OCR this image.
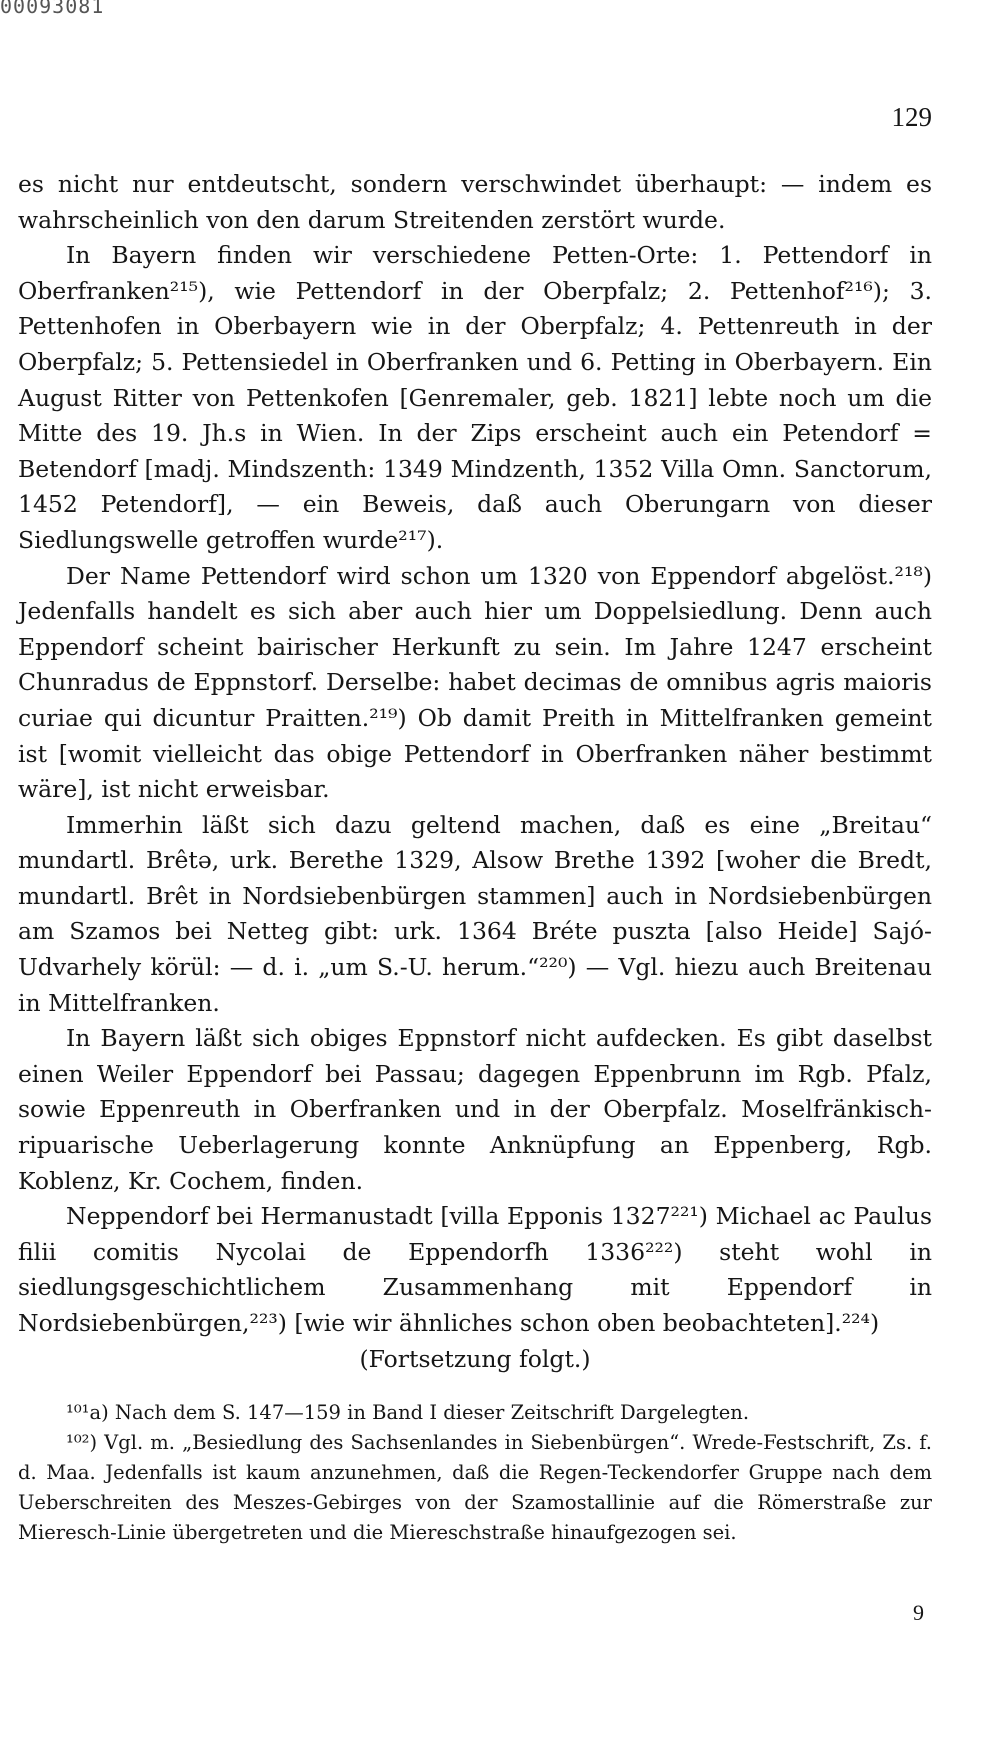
00093081
129

es nicht nur entdeutscht, sondern verschwindet überhaupt: — indem es wahrscheinlich von den darum Streitenden zerstört wurde.

In Bayern finden wir verschiedene Petten-Orte: 1. Pettendorf in Oberfranken²¹⁵), wie Pettendorf in der Oberpfalz; 2. Pettenhof²¹⁶); 3. Pettenhofen in Oberbayern wie in der Oberpfalz; 4. Pettenreuth in der Oberpfalz; 5. Pettensiedel in Oberfranken und 6. Petting in Oberbayern. Ein August Ritter von Pettenkofen [Genremaler, geb. 1821] lebte noch um die Mitte des 19. Jh.s in Wien. In der Zips erscheint auch ein Petendorf = Betendorf [madj. Mindszenth: 1349 Mindzenth, 1352 Villa Omn. Sanctorum, 1452 Petendorf], — ein Beweis, daß auch Oberungarn von dieser Siedlungswelle getroffen wurde²¹⁷).

Der Name Pettendorf wird schon um 1320 von Eppendorf abgelöst.²¹⁸) Jedenfalls handelt es sich aber auch hier um Doppelsiedlung. Denn auch Eppendorf scheint bairischer Herkunft zu sein. Im Jahre 1247 erscheint Chunradus de Eppnstorf. Derselbe: habet decimas de omnibus agris maioris curiae qui dicuntur Praitten.²¹⁹) Ob damit Preith in Mittelfranken gemeint ist [womit vielleicht das obige Pettendorf in Oberfranken näher bestimmt wäre], ist nicht erweisbar.

Immerhin läßt sich dazu geltend machen, daß es eine „Breitau“ mundartl. Brêtə, urk. Berethe 1329, Alsow Brethe 1392 [woher die Bredt, mundartl. Brêt in Nordsiebenbürgen stammen] auch in Nordsiebenbürgen am Szamos bei Netteg gibt: urk. 1364 Bréte puszta [also Heide] Sajó-Udvarhely körül: — d. i. „um S.-U. herum.“²²⁰) — Vgl. hiezu auch Breitenau in Mittelfranken.

In Bayern läßt sich obiges Eppnstorf nicht aufdecken. Es gibt daselbst einen Weiler Eppendorf bei Passau; dagegen Eppenbrunn im Rgb. Pfalz, sowie Eppenreuth in Oberfranken und in der Oberpfalz. Moselfränkisch-ripuarische Ueberlagerung konnte Anknüpfung an Eppenberg, Rgb. Koblenz, Kr. Cochem, finden.

Neppendorf bei Hermanustadt [villa Epponis 1327²²¹) Michael ac Paulus filii comitis Nycolai de Eppendorfh 1336²²²) steht wohl in siedlungsgeschichtlichem Zusammenhang mit Eppendorf in Nordsiebenbürgen,²²³) [wie wir ähnliches schon oben beobachteten].²²⁴)

(Fortsetzung folgt.)

¹⁰¹a) Nach dem S. 147—159 in Band I dieser Zeitschrift Dargelegten.

¹⁰²) Vgl. m. „Besiedlung des Sachsenlandes in Siebenbürgen“. Wrede-Festschrift, Zs. f. d. Maa. Jedenfalls ist kaum anzunehmen, daß die Regen-Teckendorfer Gruppe nach dem Ueberschreiten des Meszes-Gebirges von der Szamostallinie auf die Römerstraße zur Mieresch-Linie übergetreten und die Mierеschstraße hinaufgezogen sei.

9
